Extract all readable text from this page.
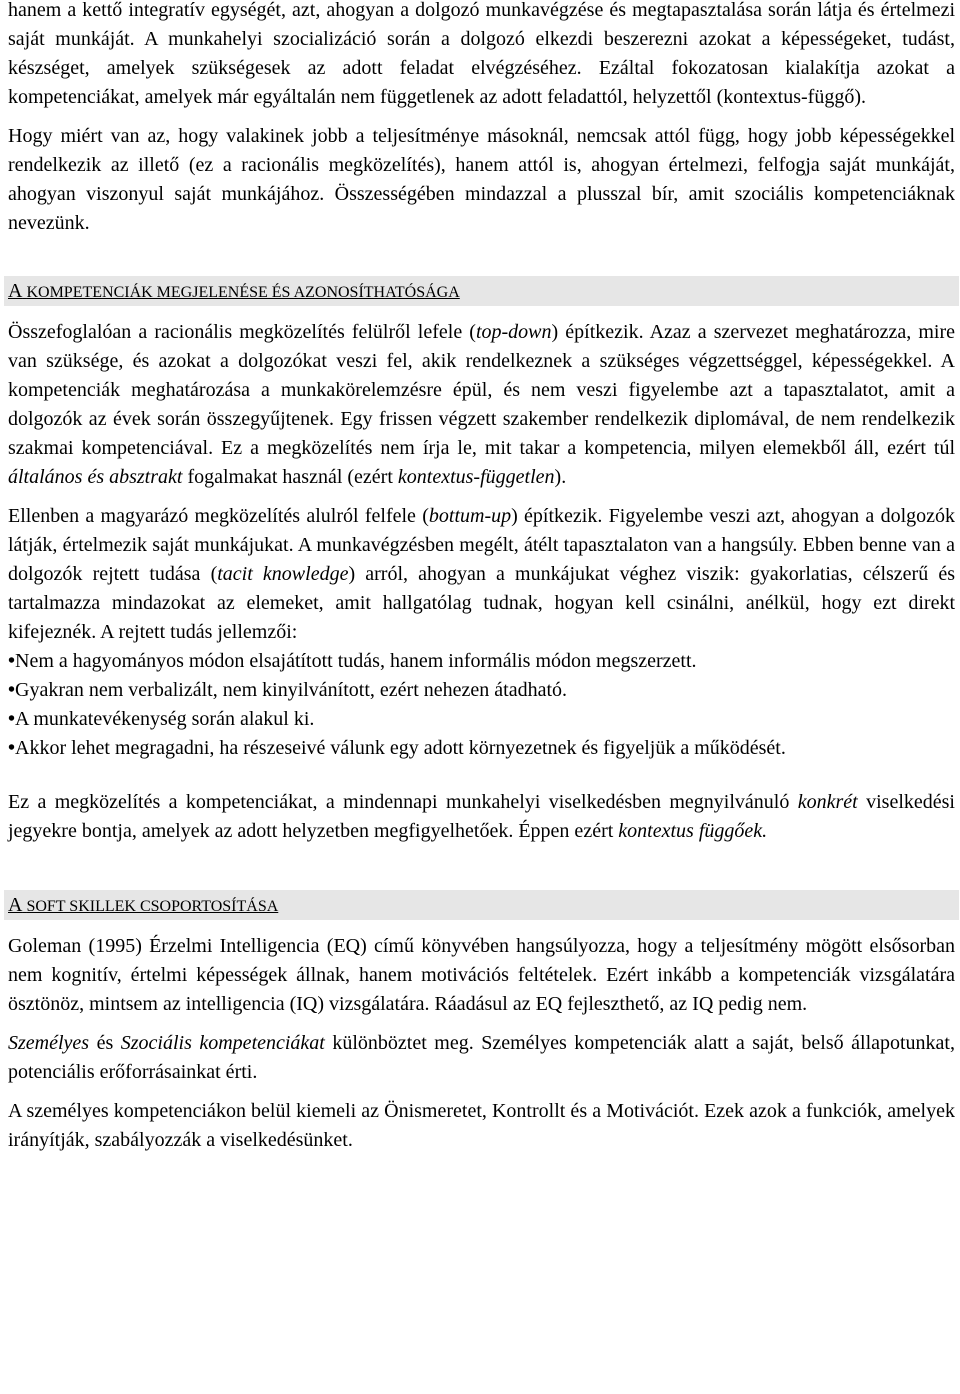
hanem a kettő integratív egységét, azt, ahogyan a dolgozó munkavégzése és megtapasztalása során látja és értelmezi saját munkáját. A munkahelyi szocializáció során a dolgozó elkezdi beszerezni azokat a képességeket, tudást, készséget, amelyek szükségesek az adott feladat elvégzéséhez. Ezáltal fokozatosan kialakítja azokat a kompetenciákat, amelyek már egyáltalán nem függetlenek az adott feladattól, helyzettől (kontextus-függő).

Hogy miért van az, hogy valakinek jobb a teljesítménye másoknál, nemcsak attól függ, hogy jobb képességekkel rendelkezik az illető (ez a racionális megközelítés), hanem attól is, ahogyan értelmezi, felfogja saját munkáját, ahogyan viszonyul saját munkájához. Összességében mindazzal a plusszal bír, amit szociális kompetenciáknak nevezünk.

A KOMPETENCIÁK MEGJELENÉSE ÉS AZONOSÍTHATÓSÁGA

Összefoglalóan a racionális megközelítés felülről lefele (top-down) építkezik. Azaz a szervezet meghatározza, mire van szüksége, és azokat a dolgozókat veszi fel, akik rendelkeznek a szükséges végzettséggel, képességekkel. A kompetenciák meghatározása a munkakörelemzésre épül, és nem veszi figyelembe azt a tapasztalatot, amit a dolgozók az évek során összegyűjtenek. Egy frissen végzett szakember rendelkezik diplomával, de nem rendelkezik szakmai kompetenciával. Ez a megközelítés nem írja le, mit takar a kompetencia, milyen elemekből áll, ezért túl általános és absztrakt fogalmakat használ (ezért kontextus-független).

Ellenben a magyarázó megközelítés alulról felfele (bottum-up) építkezik. Figyelembe veszi azt, ahogyan a dolgozók látják, értelmezik saját munkájukat. A munkavégzésben megélt, átélt tapasztalaton van a hangsúly. Ebben benne van a dolgozók rejtett tudása (tacit knowledge) arról, ahogyan a munkájukat véghez viszik: gyakorlatias, célszerű és tartalmazza mindazokat az elemeket, amit hallgatólag tudnak, hogyan kell csinálni, anélkül, hogy ezt direkt kifejeznék. A rejtett tudás jellemzői:

•Nem a hagyományos módon elsajátított tudás, hanem informális módon megszerzett.

•Gyakran nem verbalizált, nem kinyilvánított, ezért nehezen átadható.

•A munkatevékenység során alakul ki.

•Akkor lehet megragadni, ha részeseivé válunk egy adott környezetnek és figyeljük a működését.

Ez a megközelítés a kompetenciákat, a mindennapi munkahelyi viselkedésben megnyilvánuló konkrét viselkedési jegyekre bontja, amelyek az adott helyzetben megfigyelhetőek. Éppen ezért kontextus függőek.

A SOFT SKILLEK CSOPORTOSÍTÁSA

Goleman (1995) Érzelmi Intelligencia (EQ) című könyvében hangsúlyozza, hogy a teljesítmény mögött elsősorban nem kognitív, értelmi képességek állnak, hanem motivációs feltételek. Ezért inkább a kompetenciák vizsgálatára ösztönöz, mintsem az intelligencia (IQ) vizsgálatára. Ráadásul az EQ fejleszthető, az IQ pedig nem.

Személyes és Szociális kompetenciákat különböztet meg. Személyes kompetenciák alatt a saját, belső állapotunkat, potenciális erőforrásainkat érti.

A személyes kompetenciákon belül kiemeli az Önismeretet, Kontrollt és a Motivációt. Ezek azok a funkciók, amelyek irányítják, szabályozzák a viselkedésünket.
